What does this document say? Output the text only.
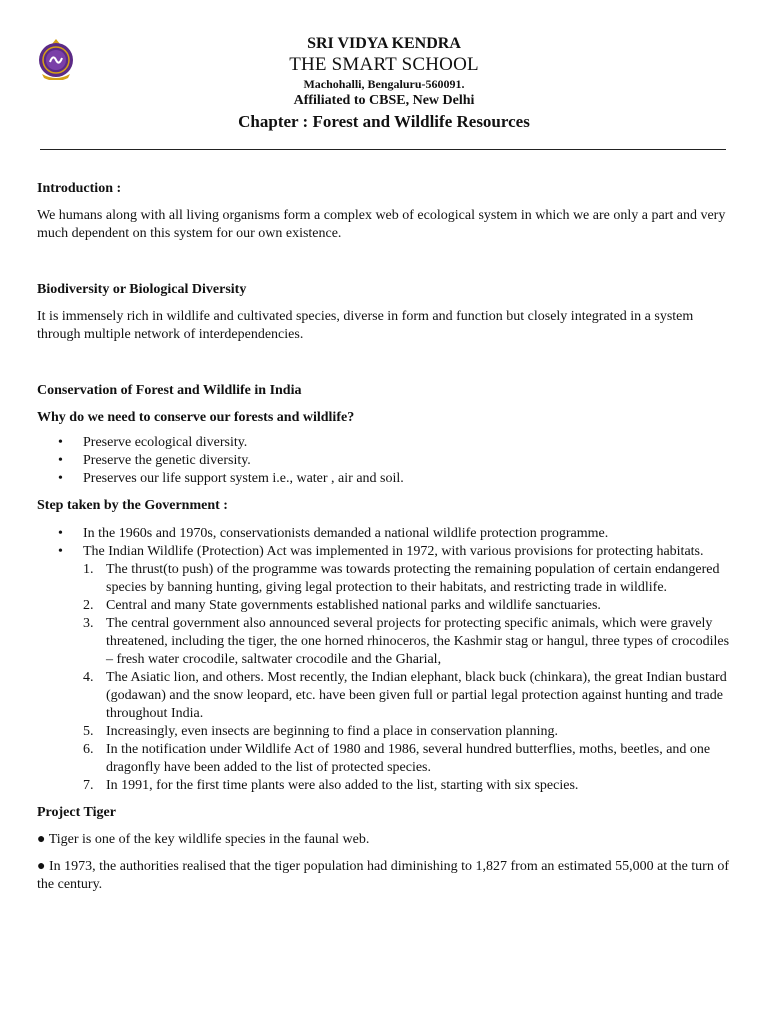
SRI VIDYA KENDRA
THE SMART SCHOOL
Machohalli, Bengaluru-560091.
Affiliated to CBSE, New Delhi
Chapter : Forest and Wildlife Resources

Introduction :

We humans along with all living organisms form a complex web of ecological system in which we are only a part and very much dependent on this system for our own existence.

Biodiversity or Biological Diversity

It is immensely rich in wildlife and cultivated species, diverse in form and function but closely integrated in a system through multiple network of interdependencies.

Conservation of Forest and Wildlife in India

Why do we need to conserve our forests and wildlife?

• Preserve ecological diversity.
• Preserve the genetic diversity.
• Preserves our life support system i.e., water , air and soil.

Step taken by the Government :

• In the 1960s and 1970s, conservationists demanded a national wildlife protection programme.
• The Indian Wildlife (Protection) Act was implemented in 1972, with various provisions for protecting habitats.
1. The thrust(to push) of the programme was towards protecting the remaining population of certain endangered species by banning hunting, giving legal protection to their habitats, and restricting trade in wildlife.
2. Central and many State governments established national parks and wildlife sanctuaries.
3. The central government also announced several projects for protecting specific animals, which were gravely threatened, including the tiger, the one horned rhinoceros, the Kashmir stag or hangul, three types of crocodiles – fresh water crocodile, saltwater crocodile and the Gharial,
4. The Asiatic lion, and others. Most recently, the Indian elephant, black buck (chinkara), the great Indian bustard (godawan) and the snow leopard, etc. have been given full or partial legal protection against hunting and trade throughout India.
5. Increasingly, even insects are beginning to find a place in conservation planning.
6. In the notification under Wildlife Act of 1980 and 1986, several hundred butterflies, moths, beetles, and one dragonfly have been added to the list of protected species.
7. In 1991, for the first time plants were also added to the list, starting with six species.

Project Tiger

● Tiger is one of the key wildlife species in the faunal web.

● In 1973, the authorities realised that the tiger population had diminishing to 1,827 from an estimated 55,000 at the turn of the century.
